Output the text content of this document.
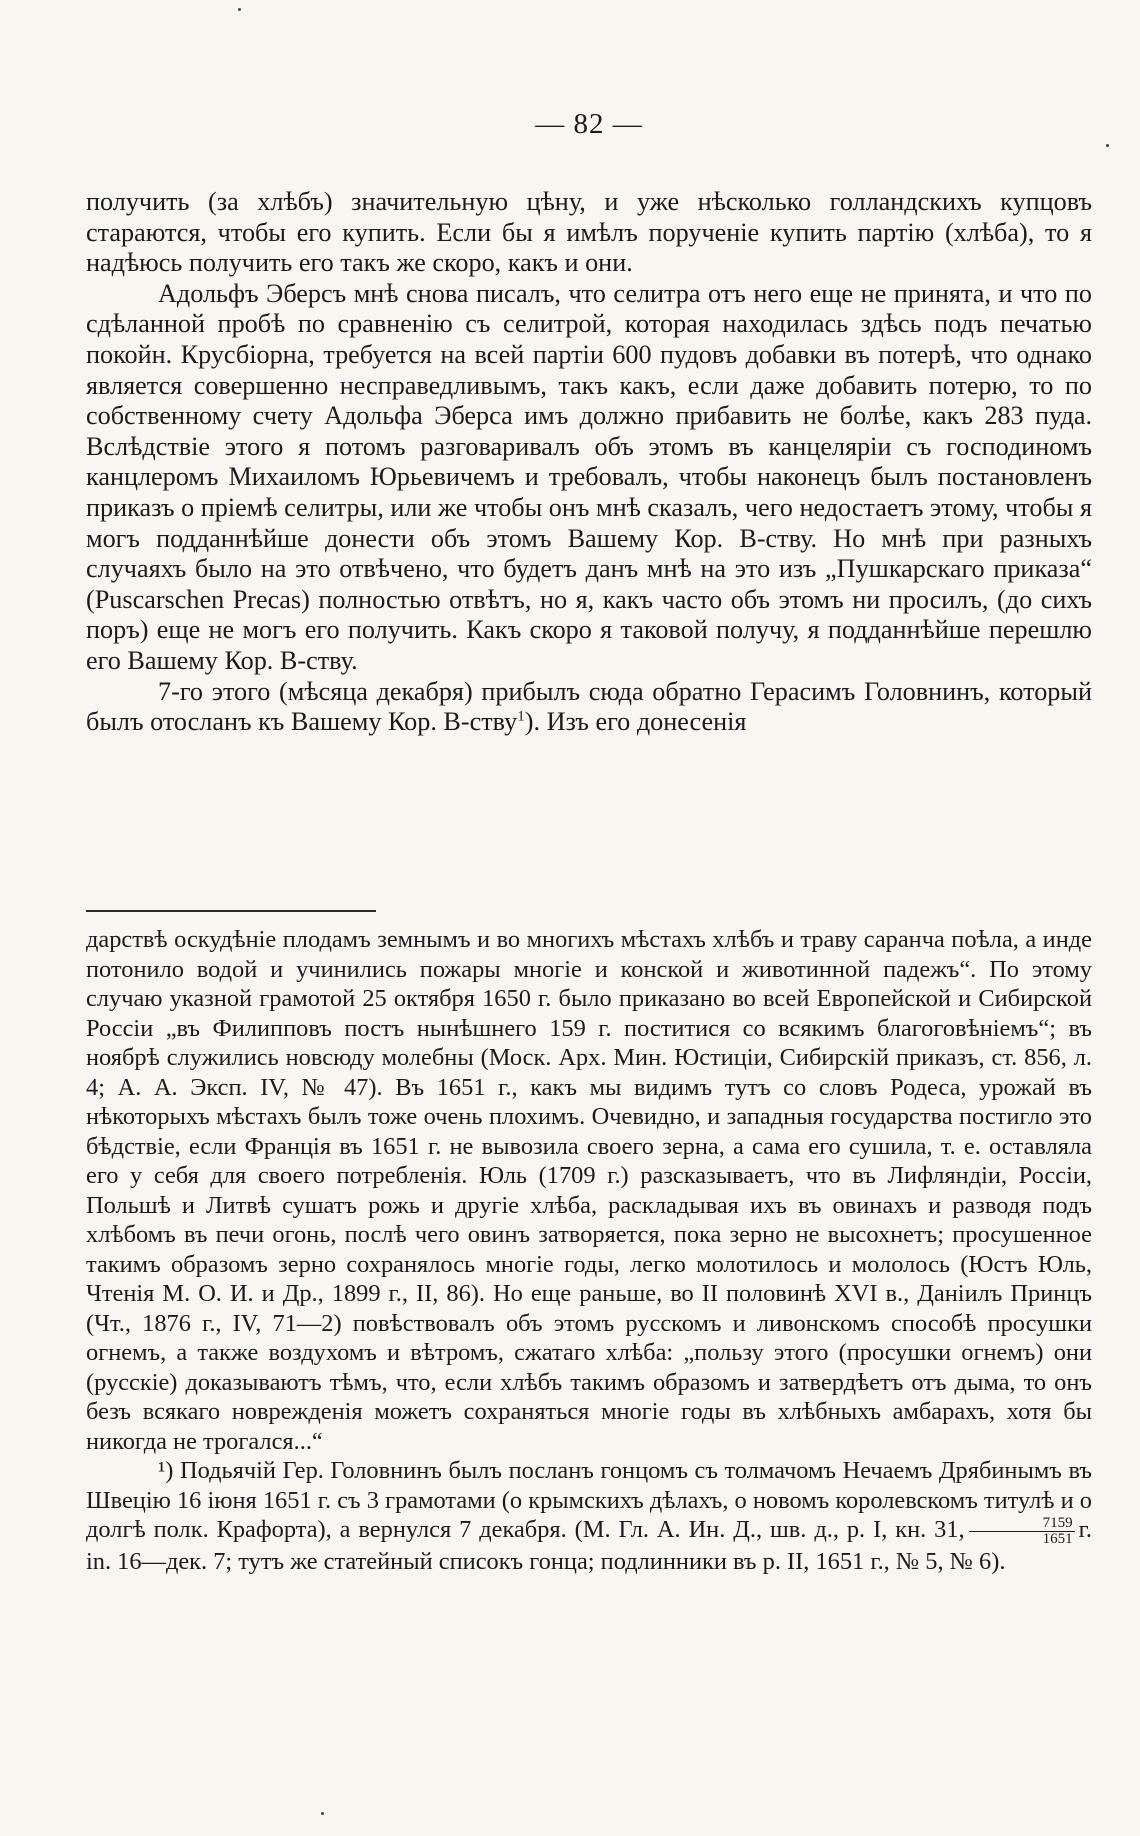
— 82 —

получить (за хлѣбъ) значительную цѣну, и уже нѣсколько голландскихъ купцовъ стараются, чтобы его купить. Если бы я имѣлъ порученіе купить партію (хлѣба), то я надѣюсь получить его такъ же скоро, какъ и они.

Адольфъ Эберсъ мнѣ снова писалъ, что селитра отъ него еще не принята, и что по сдѣланной пробѣ по сравненію съ селитрой, которая находилась здѣсь подъ печатью покойн. Крусбіорна, требуется на всей партіи 600 пудовъ добавки въ потерѣ, что однако является совершенно несправедливымъ, такъ какъ, если даже добавить потерю, то по собственному счету Адольфа Эберса имъ должно прибавить не болѣе, какъ 283 пуда. Вслѣдствіе этого я потомъ разговаривалъ объ этомъ въ канцеляріи съ господиномъ канцлеромъ Михаиломъ Юрьевичемъ и требовалъ, чтобы наконецъ былъ постановленъ приказъ о пріемѣ селитры, или же чтобы онъ мнѣ сказалъ, чего недостаетъ этому, чтобы я могъ подданнѣйше донести объ этомъ Вашему Кор. В-ству. Но мнѣ при разныхъ случаяхъ было на это отвѣчено, что будетъ данъ мнѣ на это изъ „Пушкарскаго приказа“ (Puscarschen Precas) полностью отвѣтъ, но я, какъ часто объ этомъ ни просилъ, (до сихъ поръ) еще не могъ его получить. Какъ скоро я таковой получу, я подданнѣйше перешлю его Вашему Кор. В-ству.

7-го этого (мѣсяца декабря) прибылъ сюда обратно Герасимъ Головнинъ, который былъ отосланъ къ Вашему Кор. В-ству$^1$). Изъ его донесенія

дарствѣ оскудѣніе плодамъ земнымъ и во многихъ мѣстахъ хлѣбъ и траву саранча поѣла, а инде потонило водой и учинились пожары многіе и конской и животинной падежъ“. По этому случаю указной грамотой 25 октября 1650 г. было приказано во всей Европейской и Сибирской Россіи „въ Филипповъ постъ нынѣшнего 159 г. поститися со всякимъ благоговѣніемъ“; въ ноябрѣ служились новсюду молебны (Моск. Арх. Мин. Юстиціи, Сибирскій приказъ, ст. 856, л. 4; А. А. Эксп. IV, № 47). Въ 1651 г., какъ мы видимъ тутъ со словъ Родеса, урожай въ нѣкоторыхъ мѣстахъ былъ тоже очень плохимъ. Очевидно, и западныя государства постигло это бѣдствіе, если Франція въ 1651 г. не вывозила своего зерна, а сама его сушила, т. е. оставляла его у себя для своего потребленія. Юль (1709 г.) разсказываетъ, что въ Лифляндіи, Россіи, Польшѣ и Литвѣ сушатъ рожь и другіе хлѣба, раскладывая ихъ въ овинахъ и разводя подъ хлѣбомъ въ печи огонь, послѣ чего овинъ затворяется, пока зерно не высохнетъ; просушенное такимъ образомъ зерно сохранялось многіе годы, легко молотилось и мололось (Юстъ Юль, Чтенія М. О. И. и Др., 1899 г., II, 86). Но еще раньше, во II половинѣ XVI в., Даніилъ Принцъ (Чт., 1876 г., IV, 71—2) повѣствовалъ объ этомъ русскомъ и ливонскомъ способѣ просушки огнемъ, а также воздухомъ и вѣтромъ, сжатаго хлѣба: „пользу этого (просушки огнемъ) они (русскіе) доказываютъ тѣмъ, что, если хлѣбъ такимъ образомъ и затвердѣетъ отъ дыма, то онъ безъ всякаго новрежденія можетъ сохраняться многіе годы въ хлѣбныхъ амбарахъ, хотя бы никогда не трогался...“

¹) Подьячій Гер. Головнинъ былъ посланъ гонцомъ съ толмачомъ Нечаемъ Дрябинымъ въ Швецію 16 іюня 1651 г. съ 3 грамотами (о крымскихъ дѣлахъ, о новомъ королевскомъ титулѣ и о долгѣ полк. Крафорта), а вернулся 7 декабря. (М. Гл. А. Ин. Д., шв. д., р. I, кн. 31, $\frac{7159}{1651} г$. in. 16—дек. 7; тутъ же статейный списокъ гонца; подлинники въ р. II, 1651 г., № 5, № 6).
